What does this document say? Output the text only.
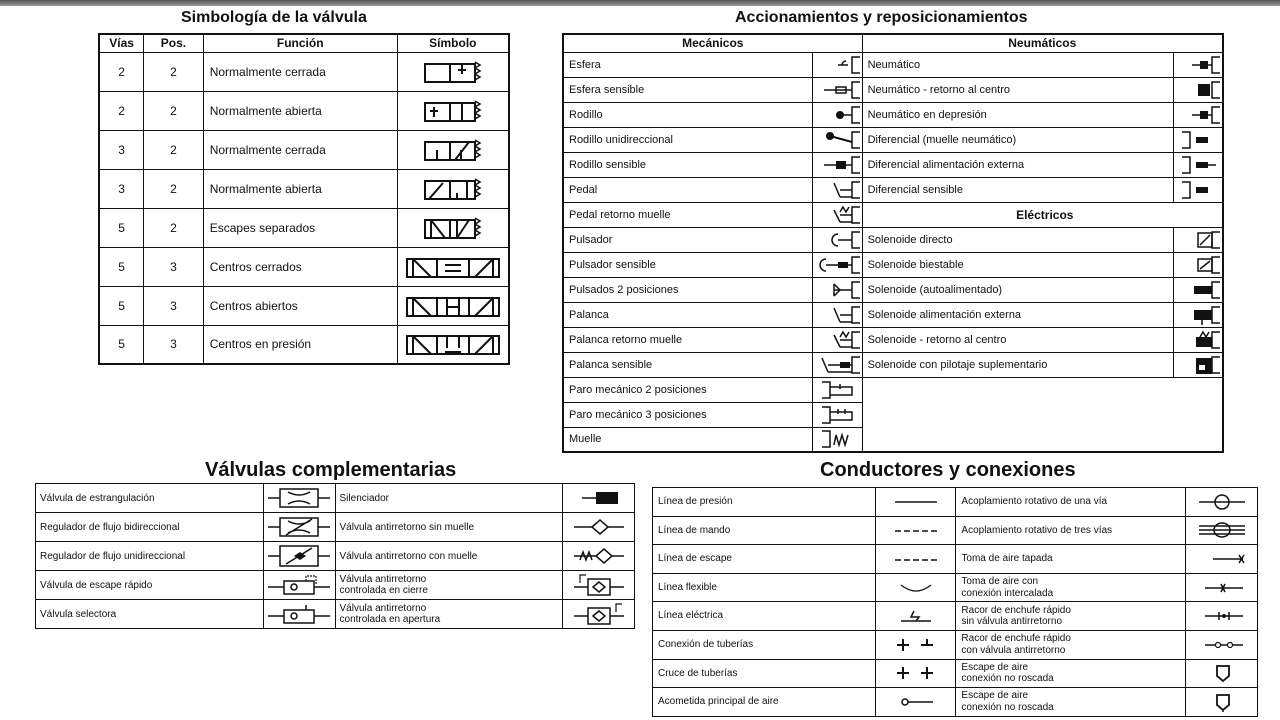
Simbología de la válvula	Accionamientos y reposicionamientos
Válvulas complementarias	Conductores y conexiones
Vías	Pos.	Función	Símbolo
2	2	Normalmente cerrada	
2	2	Normalmente abierta	
3	2	Normalmente cerrada	
3	2	Normalmente abierta	
5	2	Escapes separados	
5	3	Centros cerrados	
5	3	Centros abiertos	
5	3	Centros en presión	
Mecánicos		Neumáticos	
Esfera		Neumático	
Esfera sensible		Neumático - retorno al centro	
Rodillo		Neumático en depresión	
Rodillo unidireccional		Diferencial (muelle neumático)	
Rodillo sensible		Diferencial alimentación externa	
Pedal		Diferencial sensible	
Pedal retorno muelle		Eléctricos	
Pulsador		Solenoide directo	
Pulsador sensible		Solenoide biestable	
Pulsados 2 posiciones		Solenoide (autoalimentado)	
Palanca		Solenoide alimentación externa	
Palanca retorno muelle		Solenoide - retorno al centro	
Palanca sensible		Solenoide con pilotaje suplementario	
Paro mecánico 2 posiciones			
Paro mecánico 3 posiciones			
Muelle			
Válvula de estrangulación		Silenciador	
Regulador de flujo bidireccional		Válvula antirretorno sin muelle	
Regulador de flujo unidireccional		Válvula antirretorno con muelle	
Válvula de escape rápido		Válvula antirretorno
controlada en cierre	
Válvula selectora		Válvula antirretorno
controlada en apertura	
Línea de presión		Acoplamiento rotativo de una vía	
Línea de mando		Acoplamiento rotativo de tres vías	
Línea de escape		Toma de aire tapada	
Línea flexible		Toma de aire con
conexión intercalada	
Línea eléctrica		Racor de enchufe rápido
sin válvula antirretorno	
Conexión de tuberías		Racor de enchufe rápido
con válvula antirretorno	
Cruce de tuberías		Escape de aire
conexión no roscada	
Acometida principal de aire		Escape de aire
conexión no roscada	
